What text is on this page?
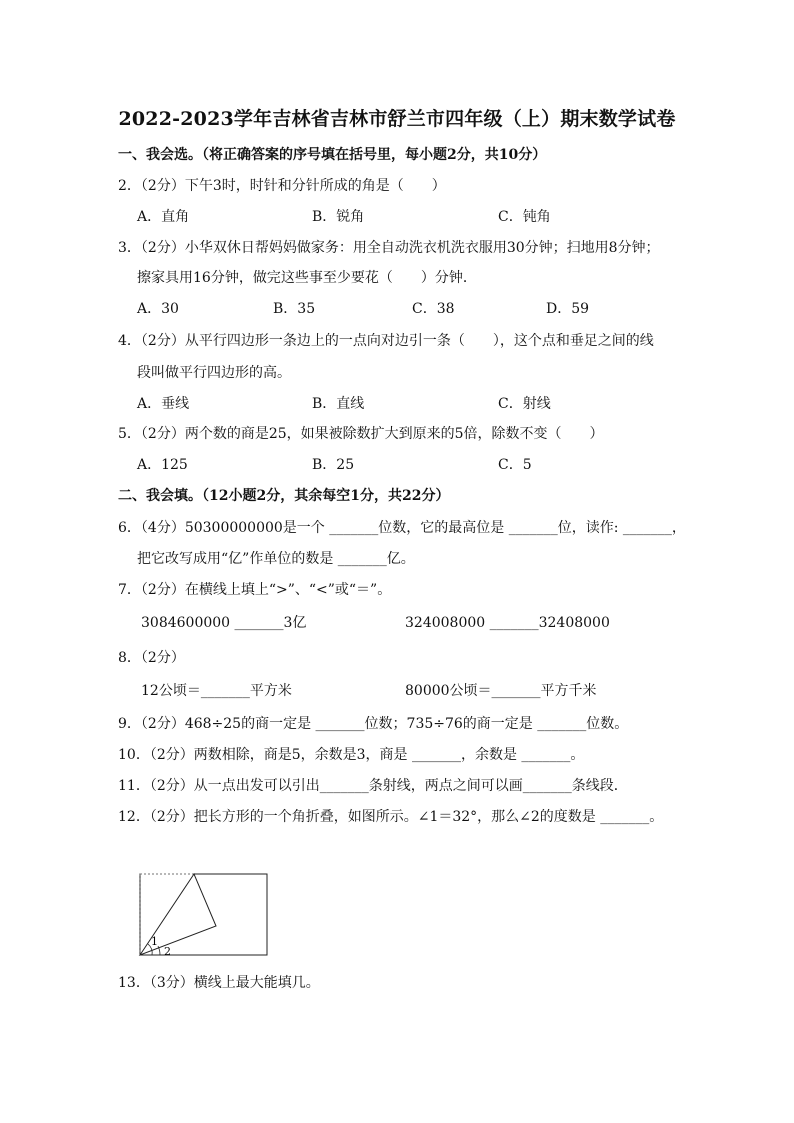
2022-2023学年吉林省吉林市舒兰市四年级（上）期末数学试卷
一、我会选。（将正确答案的序号填在括号里，每小题2分，共10分）
2．（2分）下午3时，时针和分针所成的角是（　　）
A．直角	B．锐角	C．钝角
3．（2分）小华双休日帮妈妈做家务：用全自动洗衣机洗衣服用30分钟；扫地用8分钟；
擦家具用16分钟，做完这些事至少要花（　　）分钟．
A．30	B．35	C．38	D．59
4．（2分）从平行四边形一条边上的一点向对边引一条（　　），这个点和垂足之间的线
段叫做平行四边形的高。
A．垂线	B．直线	C．射线
5．（2分）两个数的商是25，如果被除数扩大到原来的5倍，除数不变（　　）
A．125	B．25	C．5
二、我会填。（12小题2分，其余每空1分，共22分）
6．（4分）50300000000是一个 _______位数，它的最高位是 _______位，读作: _______，
把它改写成用“亿”作单位的数是 _______亿。
7．（2分）在横线上填上“>”、“<”或“＝”。
3084600000 _______3亿	324008000 _______32408000
8．（2分）
12公顷＝_______平方米	80000公顷＝_______平方千米
9．（2分）468÷25的商一定是 _______位数；735÷76的商一定是 _______位数。
10．（2分）两数相除，商是5，余数是3，商是 _______，余数是 _______。
11．（2分）从一点出发可以引出_______条射线，两点之间可以画_______条线段．
12．（2分）把长方形的一个角折叠，如图所示。∠1＝32°，那么∠2的度数是 _______。
1
2
13．（3分）横线上最大能填几。
